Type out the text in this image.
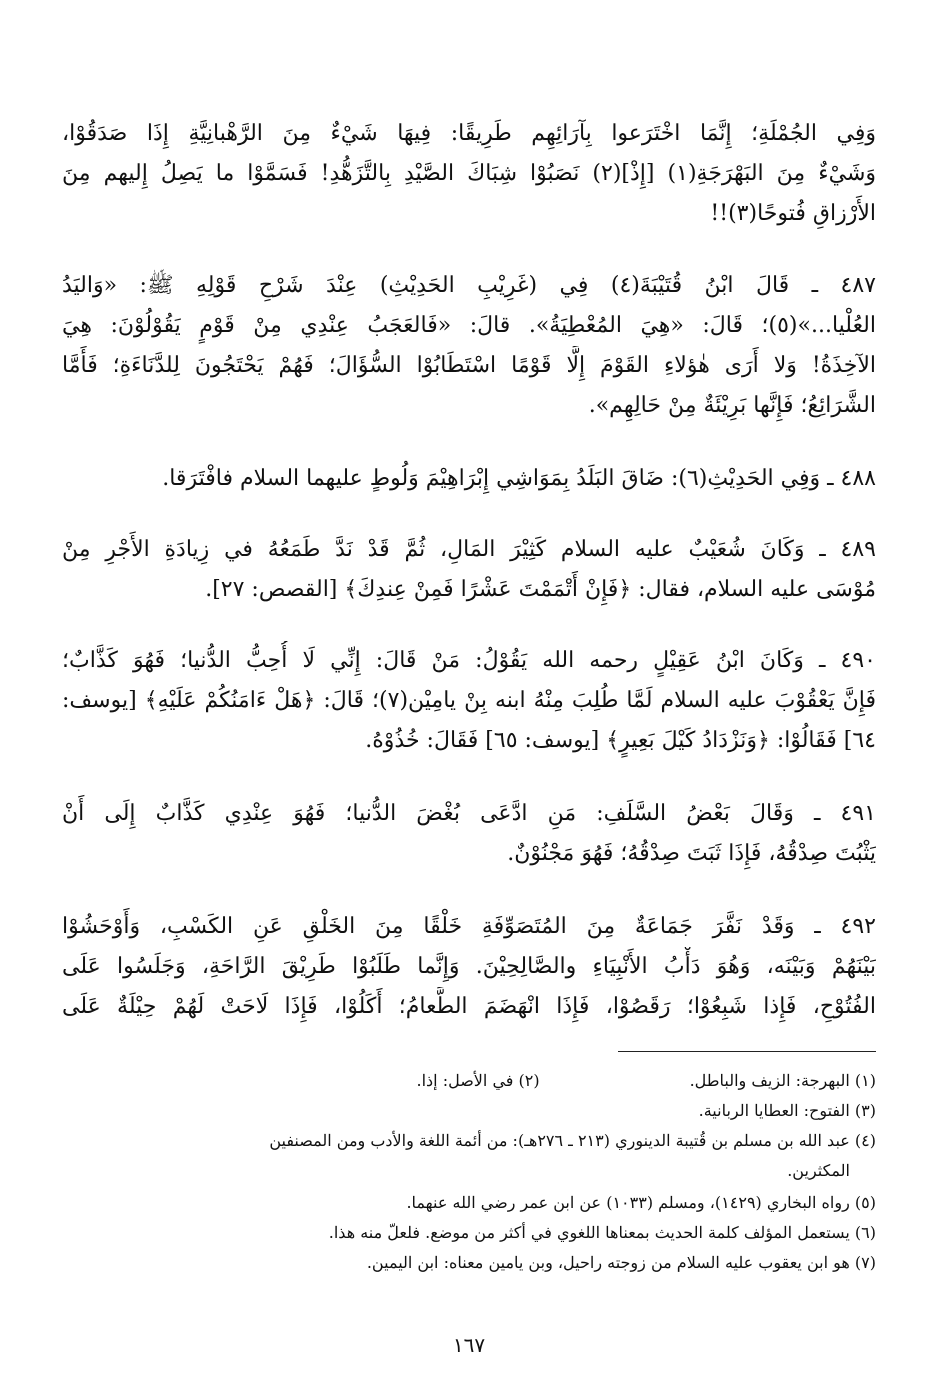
وَفِي الجُمْلَةِ؛ إِنَّمَا اخْتَرَعوا بِآرَائِهِم طَرِيقًا: فِيهَا شَيْءٌ مِنَ الرَّهْبانِيَّةِ إِذَا صَدَقُوْا،
وَشَيْءٌ مِنَ البَهْرَجَةِ(١) [إِذْ](٢) نَصَبُوْا شِبَاكَ الصَّيْدِ بِالتَّزَهُّدِ! فَسَمَّوْا ما يَصِلُ إِليهم مِنَ
الأَرْزاقِ فُتوحًا(٣)!!
٤٨٧ ـ قَالَ ابْنُ قُتَيْبَةَ(٤) فِي (غَرِيْبِ الحَدِيْثِ) عِنْدَ شَرْحِ قَوْلِهِ ﷺ: «وَاليَدُ
العُلْيا...»(٥)؛ قَالَ: «هِيَ المُعْطِيَةُ». قالَ: «فَالعَجَبُ عِنْدِي مِنْ قَوْمٍ يَقُوْلُوْنَ: هِيَ
الآخِذَةُ! وَلا أَرَى هٰؤلاءِ القَوْمَ إِلَّا قَوْمًا اسْتَطَابُوْا السُّؤَالَ؛ فَهُمْ يَحْتَجُونَ لِلدَّنَاءَةِ؛ فَأَمَّا
الشَّرَائِعُ؛ فَإِنَّها بَرِيْئَةٌ مِنْ حَالِهِم».
٤٨٨ ـ وَفِي الحَدِيْثِ(٦): ضَاقَ البَلَدُ بِمَوَاشِي إِبْرَاهِيْمَ وَلُوطٍ عليهما السلام فافْتَرَقا.
٤٨٩ ـ وَكَانَ شُعَيْبٌ عليه السلام كَثِيْرَ المَالِ، ثُمَّ قَدْ نَدَّ طَمَعُهُ في زِيادَةِ الأَجْرِ مِنْ
مُوْسَى عليه السلام، فقال: ﴿فَإِنْ أَتْمَمْتَ عَشْرًا فَمِنْ عِندِكَ﴾ [القصص: ٢٧].
٤٩٠ ـ وَكَانَ ابْنُ عَقِيْلٍ رحمه الله يَقُوْلُ: مَنْ قَالَ: إِنِّي لَا أُحِبُّ الدُّنيا؛ فَهُوَ كَذَّابٌ؛
فَإِنَّ يَعْقُوْبَ عليه السلام لَمَّا طُلِبَ مِنْهُ ابنه بِنْ يامِيْن(٧)؛ قَالَ: ﴿هَلْ ءَامَنُكُمْ عَلَيْهِ﴾ [يوسف:
٦٤] فَقَالُوْا: ﴿وَنَزْدَادُ كَيْلَ بَعِيرٍ﴾ [يوسف: ٦٥] فَقَالَ: خُذُوْهُ.
٤٩١ ـ وَقَالَ بَعْضُ السَّلَفِ: مَنِ ادَّعَى بُغْضَ الدُّنيا؛ فَهُوَ عِنْدِي كَذَّابٌ إِلَى أَنْ
يَثْبُتَ صِدْقُهُ، فَإِذَا ثَبَتَ صِدْقُهُ؛ فَهُوَ مَجْنُوْنٌ.
٤٩٢ ـ وَقَدْ نَفَّرَ جَمَاعَةٌ مِنَ المُتَصَوِّفَةِ خَلْقًا مِنَ الخَلْقِ عَنِ الكَسْبِ، وَأَوْحَشُوْا
بَيْنَهُمْ وَبَيْنَه، وَهُوَ دَأْبُ الأَنْبِيَاءِ والصَّالِحِيْنَ. وَإِنَّما طَلَبُوْا طَرِيْقَ الرَّاحَةِ، وَجَلَسُوا عَلَى
الفُتُوْحِ، فَإِذا شَبِعُوْا؛ رَقَصُوْا، فَإِذَا انْهَضَمَ الطَّعامُ؛ أَكَلُوْا، فَإِذَا لَاحَتْ لَهُمْ حِيْلَةٌ عَلَى
(١) البهرجة: الزيف والباطل.(٢) في الأصل: إذا.
(٣) الفتوح: العطايا الربانية.
(٤) عبد الله بن مسلم بن قُتيبة الدينوري (٢١٣ ـ ٢٧٦هـ): من أئمة اللغة والأدب ومن المصنفين
المكثرين.
(٥) رواه البخاري (١٤٢٩)، ومسلم (١٠٣٣) عن ابن عمر رضي الله عنهما.
(٦) يستعمل المؤلف كلمة الحديث بمعناها اللغوي في أكثر من موضع. فلعلّ منه هذا.
(٧) هو ابن يعقوب عليه السلام من زوجته راحيل، وبن يامين معناه: ابن اليمين.
١٦٧
